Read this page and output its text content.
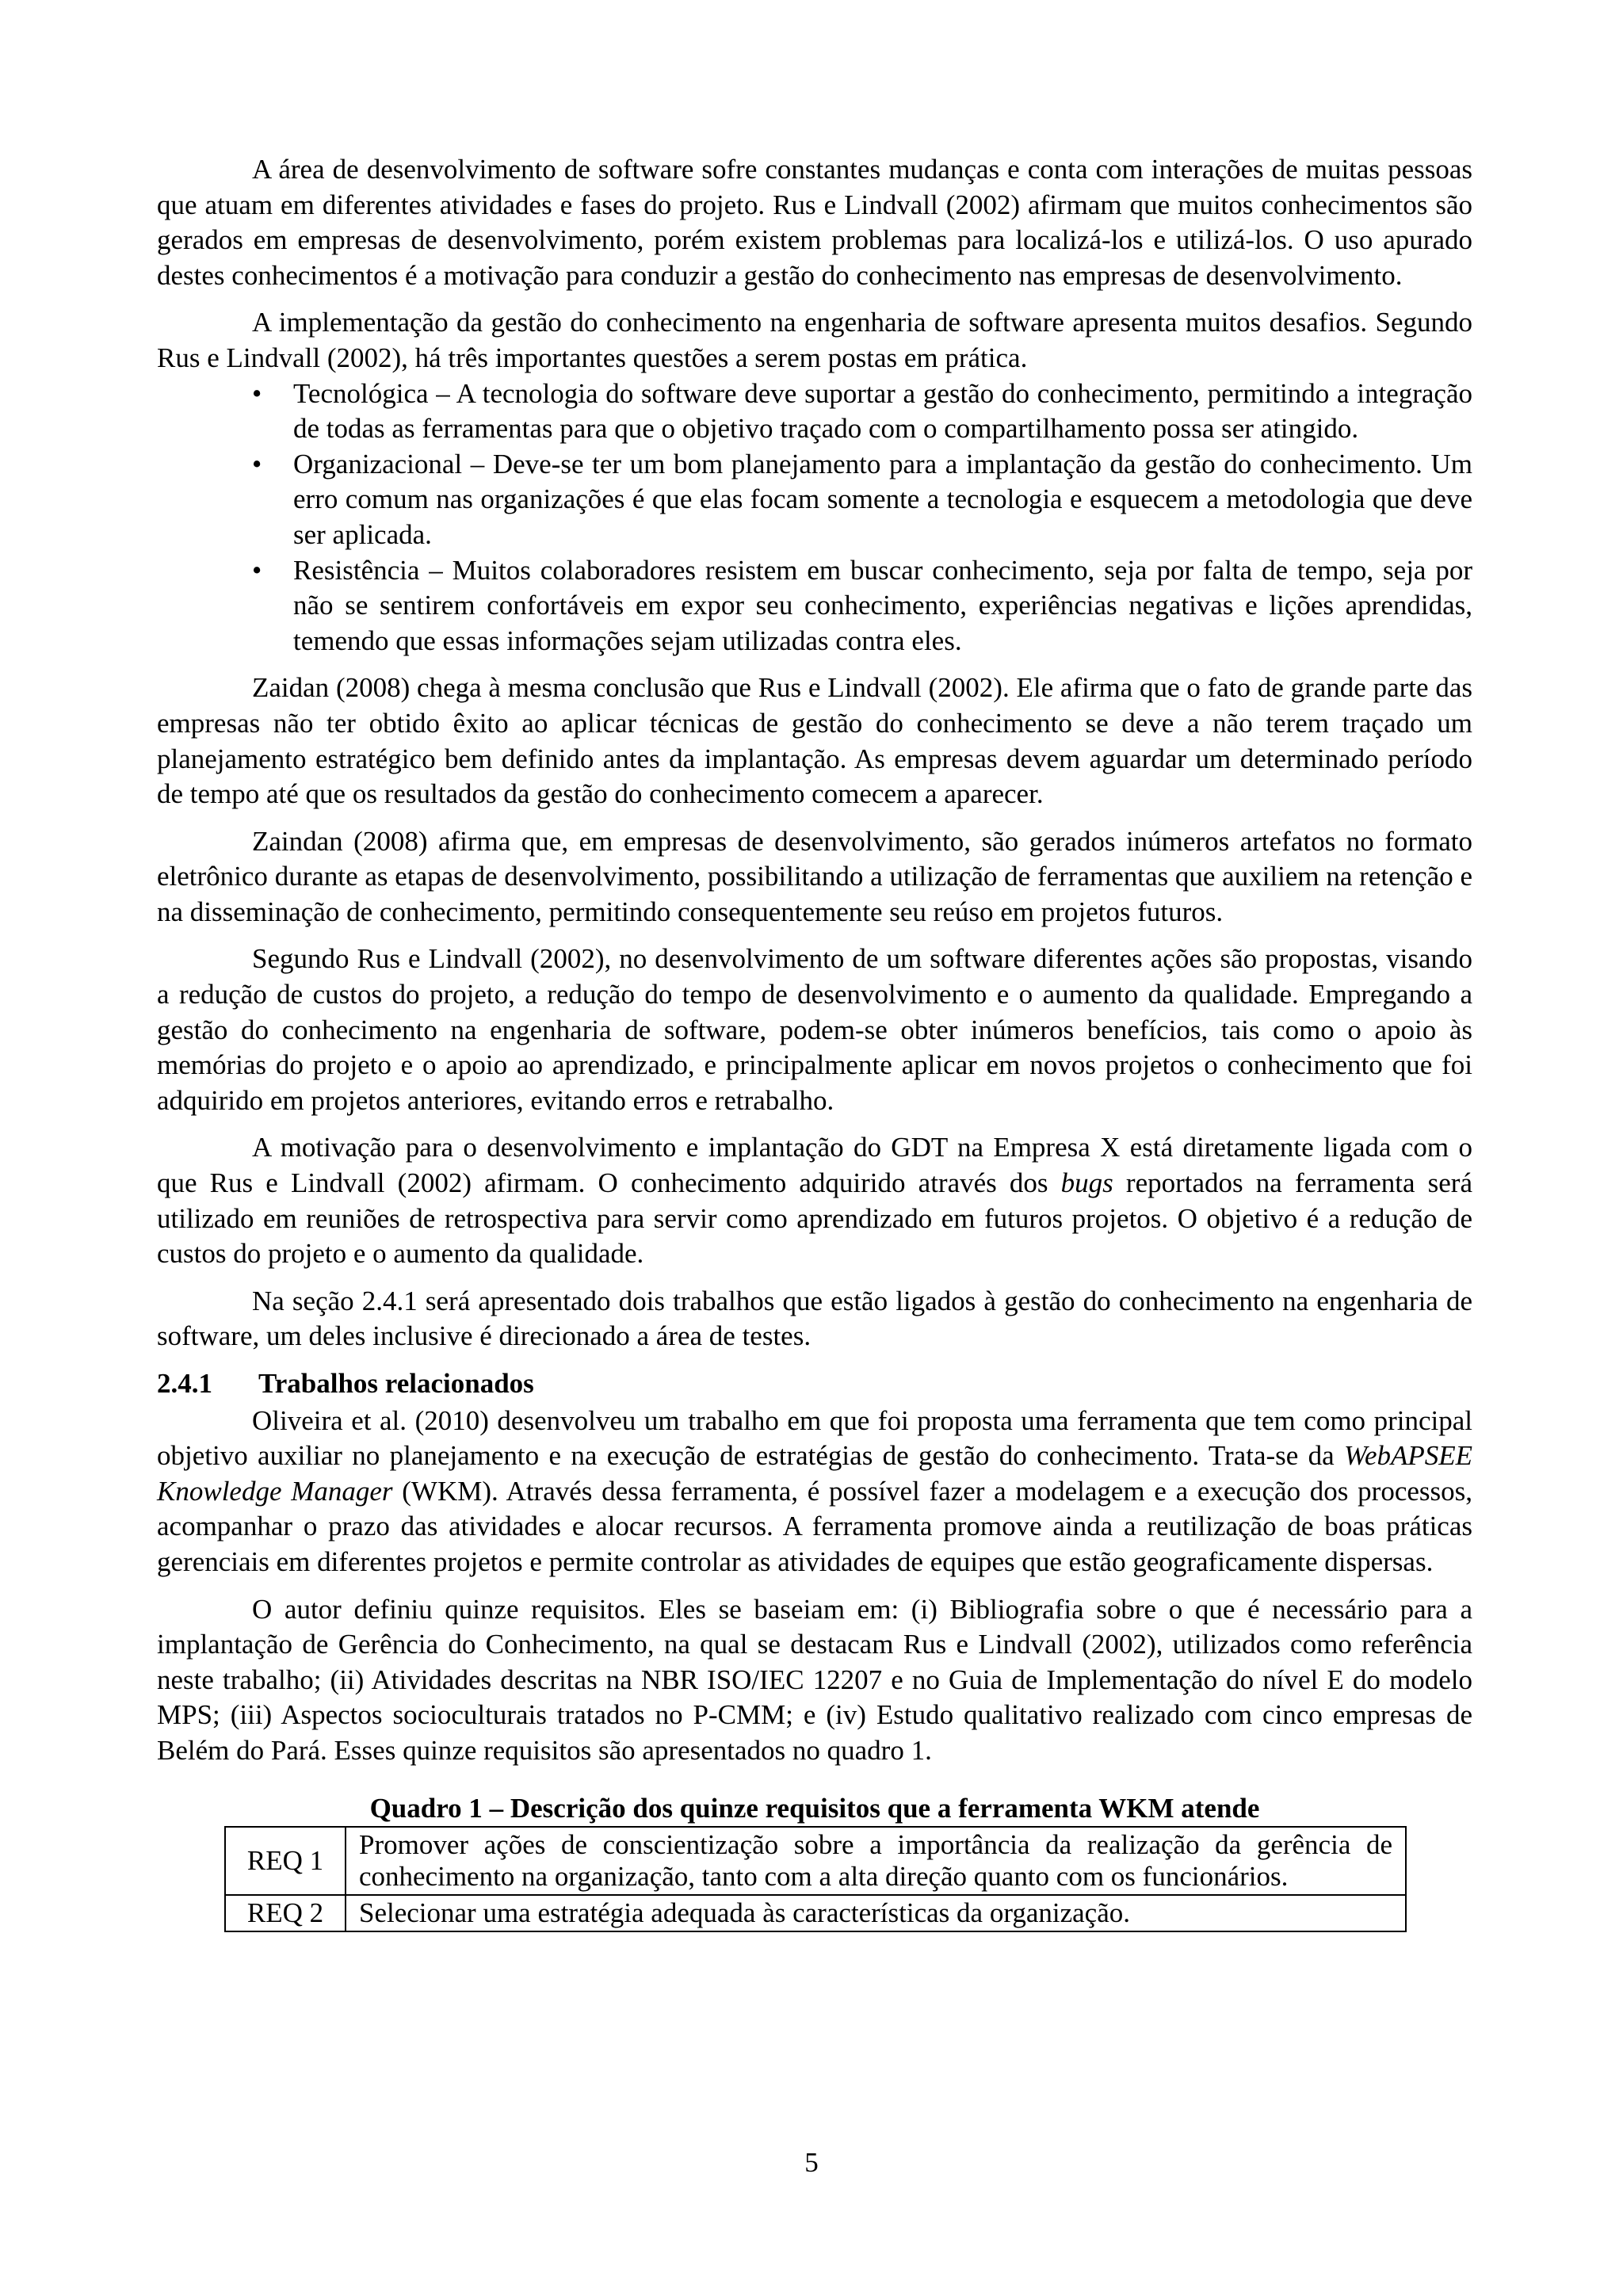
A área de desenvolvimento de software sofre constantes mudanças e conta com interações de muitas pessoas que atuam em diferentes atividades e fases do projeto. Rus e Lindvall (2002) afirmam que muitos conhecimentos são gerados em empresas de desenvolvimento, porém existem problemas para localizá-los e utilizá-los. O uso apurado destes conhecimentos é a motivação para conduzir a gestão do conhecimento nas empresas de desenvolvimento.

A implementação da gestão do conhecimento na engenharia de software apresenta muitos desafios. Segundo Rus e Lindvall (2002), há três importantes questões a serem postas em prática.

• Tecnológica – A tecnologia do software deve suportar a gestão do conhecimento, permitindo a integração de todas as ferramentas para que o objetivo traçado com o compartilhamento possa ser atingido.
• Organizacional – Deve-se ter um bom planejamento para a implantação da gestão do conhecimento. Um erro comum nas organizações é que elas focam somente a tecnologia e esquecem a metodologia que deve ser aplicada.
• Resistência – Muitos colaboradores resistem em buscar conhecimento, seja por falta de tempo, seja por não se sentirem confortáveis em expor seu conhecimento, experiências negativas e lições aprendidas, temendo que essas informações sejam utilizadas contra eles.

Zaidan (2008) chega à mesma conclusão que Rus e Lindvall (2002). Ele afirma que o fato de grande parte das empresas não ter obtido êxito ao aplicar técnicas de gestão do conhecimento se deve a não terem traçado um planejamento estratégico bem definido antes da implantação. As empresas devem aguardar um determinado período de tempo até que os resultados da gestão do conhecimento comecem a aparecer.

Zaindan (2008) afirma que, em empresas de desenvolvimento, são gerados inúmeros artefatos no formato eletrônico durante as etapas de desenvolvimento, possibilitando a utilização de ferramentas que auxiliem na retenção e na disseminação de conhecimento, permitindo consequentemente seu reúso em projetos futuros.

Segundo Rus e Lindvall (2002), no desenvolvimento de um software diferentes ações são propostas, visando a redução de custos do projeto, a redução do tempo de desenvolvimento e o aumento da qualidade. Empregando a gestão do conhecimento na engenharia de software, podem-se obter inúmeros benefícios, tais como o apoio às memórias do projeto e o apoio ao aprendizado, e principalmente aplicar em novos projetos o conhecimento que foi adquirido em projetos anteriores, evitando erros e retrabalho.

A motivação para o desenvolvimento e implantação do GDT na Empresa X está diretamente ligada com o que Rus e Lindvall (2002) afirmam. O conhecimento adquirido através dos bugs reportados na ferramenta será utilizado em reuniões de retrospectiva para servir como aprendizado em futuros projetos. O objetivo é a redução de custos do projeto e o aumento da qualidade.

Na seção 2.4.1 será apresentado dois trabalhos que estão ligados à gestão do conhecimento na engenharia de software, um deles inclusive é direcionado a área de testes.

2.4.1 Trabalhos relacionados

Oliveira et al. (2010) desenvolveu um trabalho em que foi proposta uma ferramenta que tem como principal objetivo auxiliar no planejamento e na execução de estratégias de gestão do conhecimento. Trata-se da WebAPSEE Knowledge Manager (WKM). Através dessa ferramenta, é possível fazer a modelagem e a execução dos processos, acompanhar o prazo das atividades e alocar recursos. A ferramenta promove ainda a reutilização de boas práticas gerenciais em diferentes projetos e permite controlar as atividades de equipes que estão geograficamente dispersas.

O autor definiu quinze requisitos. Eles se baseiam em: (i) Bibliografia sobre o que é necessário para a implantação de Gerência do Conhecimento, na qual se destacam Rus e Lindvall (2002), utilizados como referência neste trabalho; (ii) Atividades descritas na NBR ISO/IEC 12207 e no Guia de Implementação do nível E do modelo MPS; (iii) Aspectos socioculturais tratados no P-CMM; e (iv) Estudo qualitativo realizado com cinco empresas de Belém do Pará. Esses quinze requisitos são apresentados no quadro 1.

Quadro 1 – Descrição dos quinze requisitos que a ferramenta WKM atende
REQ 1	Promover ações de conscientização sobre a importância da realização da gerência de conhecimento na organização, tanto com a alta direção quanto com os funcionários.
REQ 2	Selecionar uma estratégia adequada às características da organização.
5
